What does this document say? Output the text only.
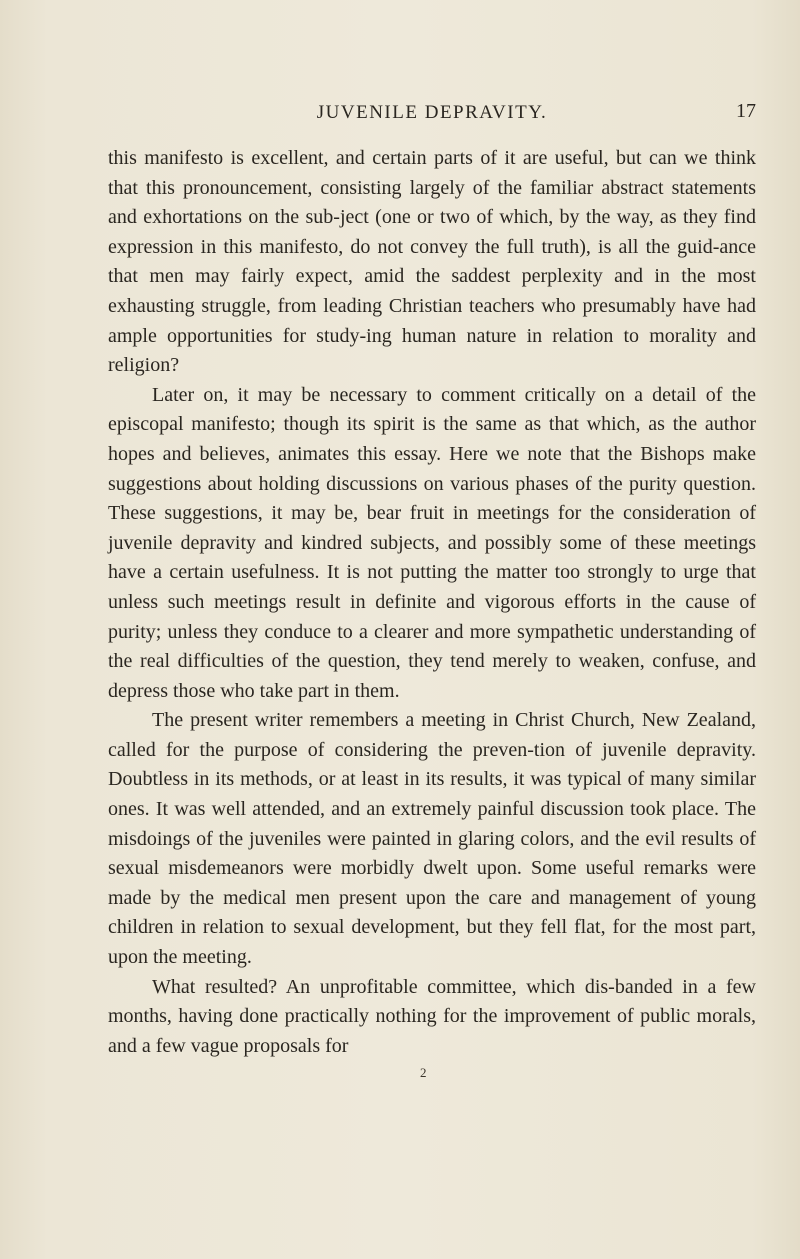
JUVENILE DEPRAVITY.	17

this manifesto is excellent, and certain parts of it are useful, but can we think that this pronouncement, consisting largely of the familiar abstract statements and exhortations on the sub-ject (one or two of which, by the way, as they find expression in this manifesto, do not convey the full truth), is all the guid-ance that men may fairly expect, amid the saddest perplexity and in the most exhausting struggle, from leading Christian teachers who presumably have had ample opportunities for study-ing human nature in relation to morality and religion?

Later on, it may be necessary to comment critically on a detail of the episcopal manifesto; though its spirit is the same as that which, as the author hopes and believes, animates this essay. Here we note that the Bishops make suggestions about holding discussions on various phases of the purity question. These suggestions, it may be, bear fruit in meetings for the consideration of juvenile depravity and kindred subjects, and possibly some of these meetings have a certain usefulness. It is not putting the matter too strongly to urge that unless such meetings result in definite and vigorous efforts in the cause of purity; unless they conduce to a clearer and more sympathetic understanding of the real difficulties of the question, they tend merely to weaken, confuse, and depress those who take part in them.

The present writer remembers a meeting in Christ Church, New Zealand, called for the purpose of considering the preven-tion of juvenile depravity. Doubtless in its methods, or at least in its results, it was typical of many similar ones. It was well attended, and an extremely painful discussion took place. The misdoings of the juveniles were painted in glaring colors, and the evil results of sexual misdemeanors were morbidly dwelt upon. Some useful remarks were made by the medical men present upon the care and management of young children in relation to sexual development, but they fell flat, for the most part, upon the meeting.

What resulted? An unprofitable committee, which dis-banded in a few months, having done practically nothing for the improvement of public morals, and a few vague proposals for

2
